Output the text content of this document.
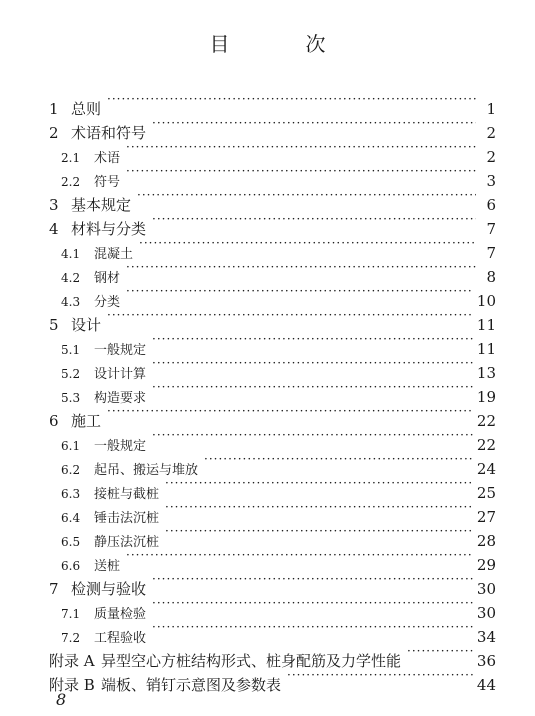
目　次
1 总则 ·····	1
2 术语和符号 ·····	2
2.1	术语 ·····	2
2.2	符号 ·····	3
3 基本规定 ·····	6
4 材料与分类 ·····	7
4.1	混凝土 ·····	7
4.2	钢材 ·····	8
4.3	分类 ·····	10
5 设计 ·····	11
5.1	一般规定 ·····	11
5.2	设计计算 ·····	13
5.3	构造要求 ·····	19
6 施工 ·····	22
6.1	一般规定 ·····	22
6.2	起吊、搬运与堆放 ·····	24
6.3	接桩与截桩 ·····	25
6.4	锤击法沉桩 ·····	27
6.5	静压法沉桩 ·····	28
6.6	送桩 ·····	29
7 检测与验收 ·····	30
7.1	质量检验 ·····	30
7.2	工程验收 ·····	34
附录 A 异型空心方桩结构形式、桩身配筋及力学性能 ·····	36
附录 B 端板、销钉示意图及参数表 ·····	44
8
